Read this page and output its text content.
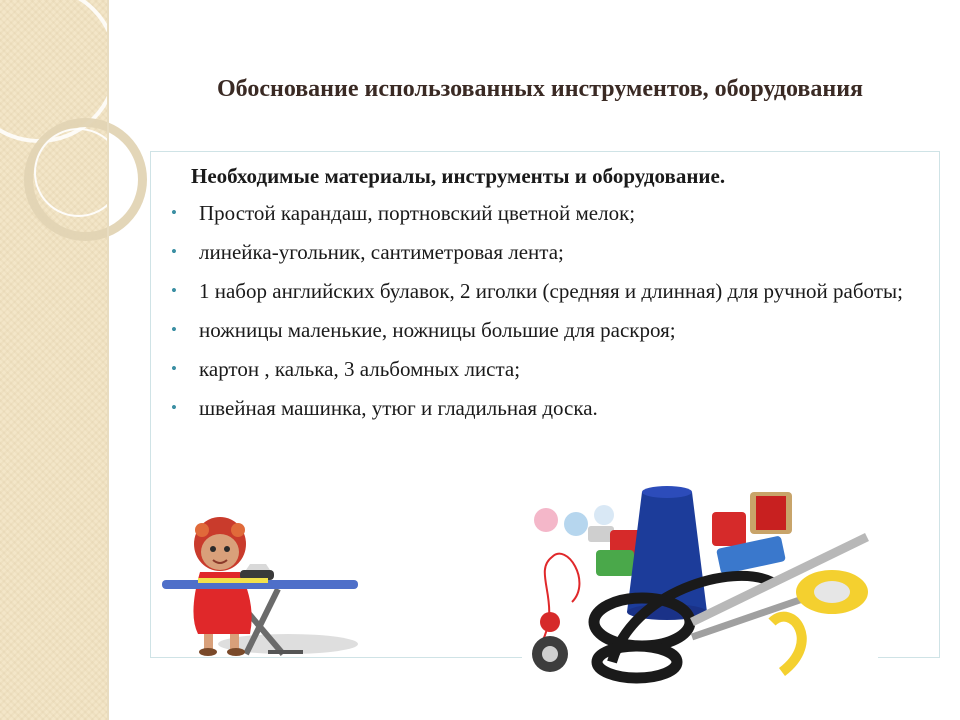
Обоснование использованных инструментов, оборудования
Необходимые материалы, инструменты и оборудование.
• Простой карандаш, портновский цветной мелок;
• линейка-угольник, сантиметровая лента;
• 1 набор английских булавок, 2 иголки (средняя и длинная) для ручной работы;
• ножницы маленькие, ножницы большие для раскроя;
• картон , калька, 3 альбомных листа;
• швейная машинка, утюг и гладильная доска.
